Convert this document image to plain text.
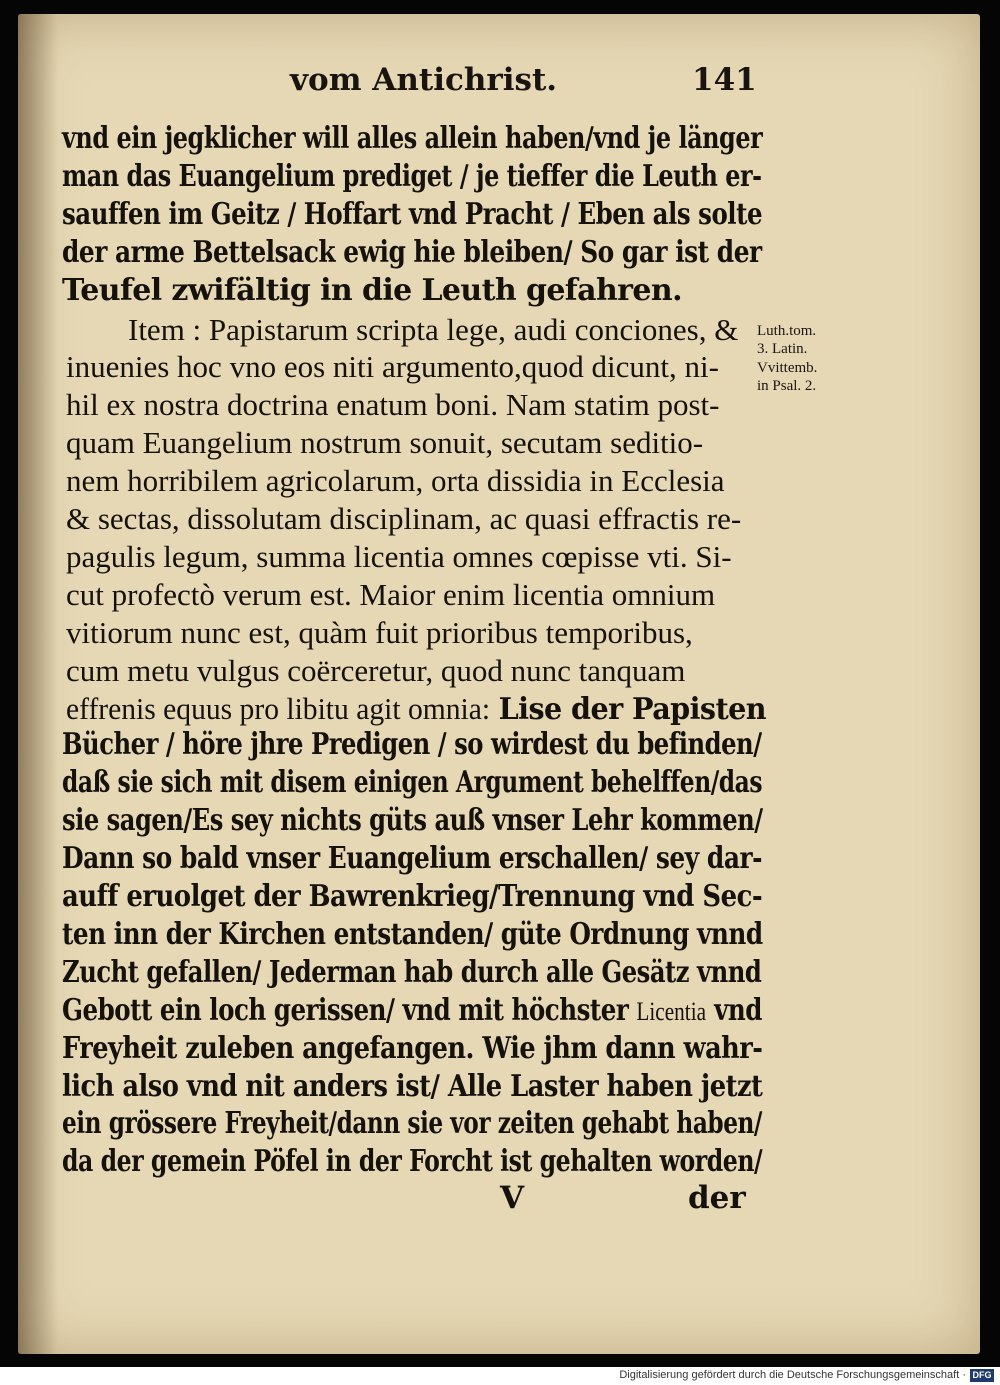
vom Antichrist.	141
vnd ein jegklicher will alles allein haben/vnd je länger
man das Euangelium prediget / je tieffer die Leuth er-
sauffen im Geitz / Hoffart vnd Pracht / Eben als solte
der arme Bettelsack ewig hie bleiben/ So gar ist der
Teufel zwifältig in die Leuth gefahren.
Item : Papistarum scripta lege, audi conciones, &
inuenies hoc vno eos niti argumento,quod dicunt, ni-
hil ex nostra doctrina enatum boni. Nam statim post-
quam Euangelium nostrum sonuit, secutam seditio-
nem horribilem agricolarum, orta dissidia in Ecclesia
& sectas, dissolutam disciplinam, ac quasi effractis re-
pagulis legum, summa licentia omnes cœpisse vti. Si-
cut profectò verum est. Maior enim licentia omnium
vitiorum nunc est, quàm fuit prioribus temporibus,
cum metu vulgus coërceretur, quod nunc tanquam
effrenis equus pro libitu agit omnia: Lise der Papisten
Bücher / höre jhre Predigen / so wirdest du befinden/
daß sie sich mit disem einigen Argument behelffen/das
sie sagen/Es sey nichts güts auß vnser Lehr kommen/
Dann so bald vnser Euangelium erschallen/ sey dar-
auff eruolget der Bawrenkrieg/Trennung vnd Sec-
ten inn der Kirchen entstanden/ güte Ordnung vnnd
Zucht gefallen/ Jederman hab durch alle Gesätz vnnd
Gebott ein loch gerissen/ vnd mit höchster Licentia vnd
Freyheit zuleben angefangen. Wie jhm dann wahr-
lich also vnd nit anders ist/ Alle Laster haben jetzt
ein grössere Freyheit/dann sie vor zeiten gehabt haben/
da der gemein Pöfel in der Forcht ist gehalten worden/
Luth.tom.
3. Latin.
Vvittemb.
in Psal. 2.
V	der
Digitalisierung gefördert durch die Deutsche Forschungsgemeinschaft · DFG
